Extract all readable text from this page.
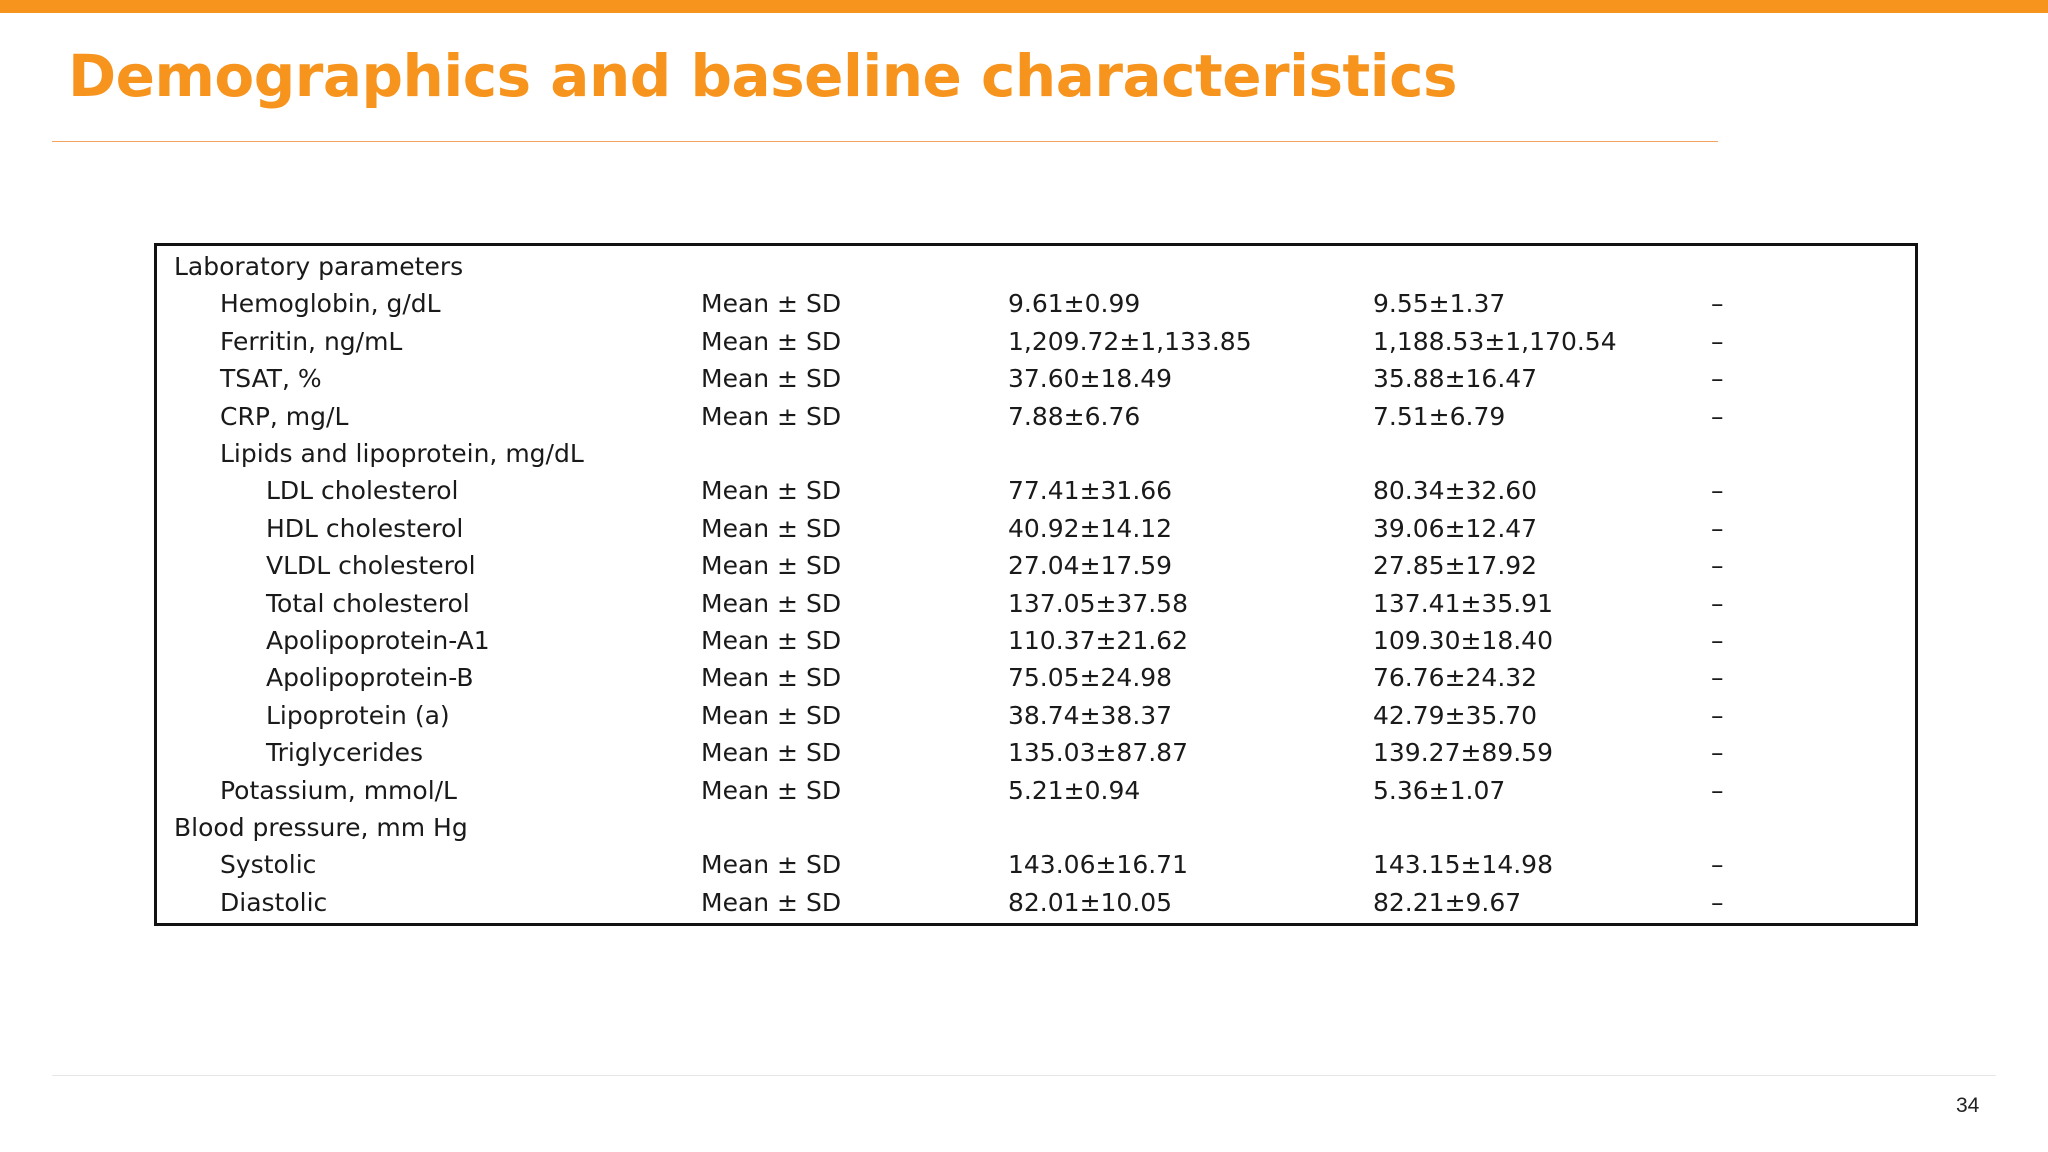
Demographics and baseline characteristics
Laboratory parameters
Hemoglobin, g/dL	Mean ± SD	9.61±0.99	9.55±1.37	–
Ferritin, ng/mL	Mean ± SD	1,209.72±1,133.85	1,188.53±1,170.54	–
TSAT, %	Mean ± SD	37.60±18.49	35.88±16.47	–
CRP, mg/L	Mean ± SD	7.88±6.76	7.51±6.79	–
Lipids and lipoprotein, mg/dL
LDL cholesterol	Mean ± SD	77.41±31.66	80.34±32.60	–
HDL cholesterol	Mean ± SD	40.92±14.12	39.06±12.47	–
VLDL cholesterol	Mean ± SD	27.04±17.59	27.85±17.92	–
Total cholesterol	Mean ± SD	137.05±37.58	137.41±35.91	–
Apolipoprotein-A1	Mean ± SD	110.37±21.62	109.30±18.40	–
Apolipoprotein-B	Mean ± SD	75.05±24.98	76.76±24.32	–
Lipoprotein (a)	Mean ± SD	38.74±38.37	42.79±35.70	–
Triglycerides	Mean ± SD	135.03±87.87	139.27±89.59	–
Potassium, mmol/L	Mean ± SD	5.21±0.94	5.36±1.07	–
Blood pressure, mm Hg
Systolic	Mean ± SD	143.06±16.71	143.15±14.98	–
Diastolic	Mean ± SD	82.01±10.05	82.21±9.67	–
34
